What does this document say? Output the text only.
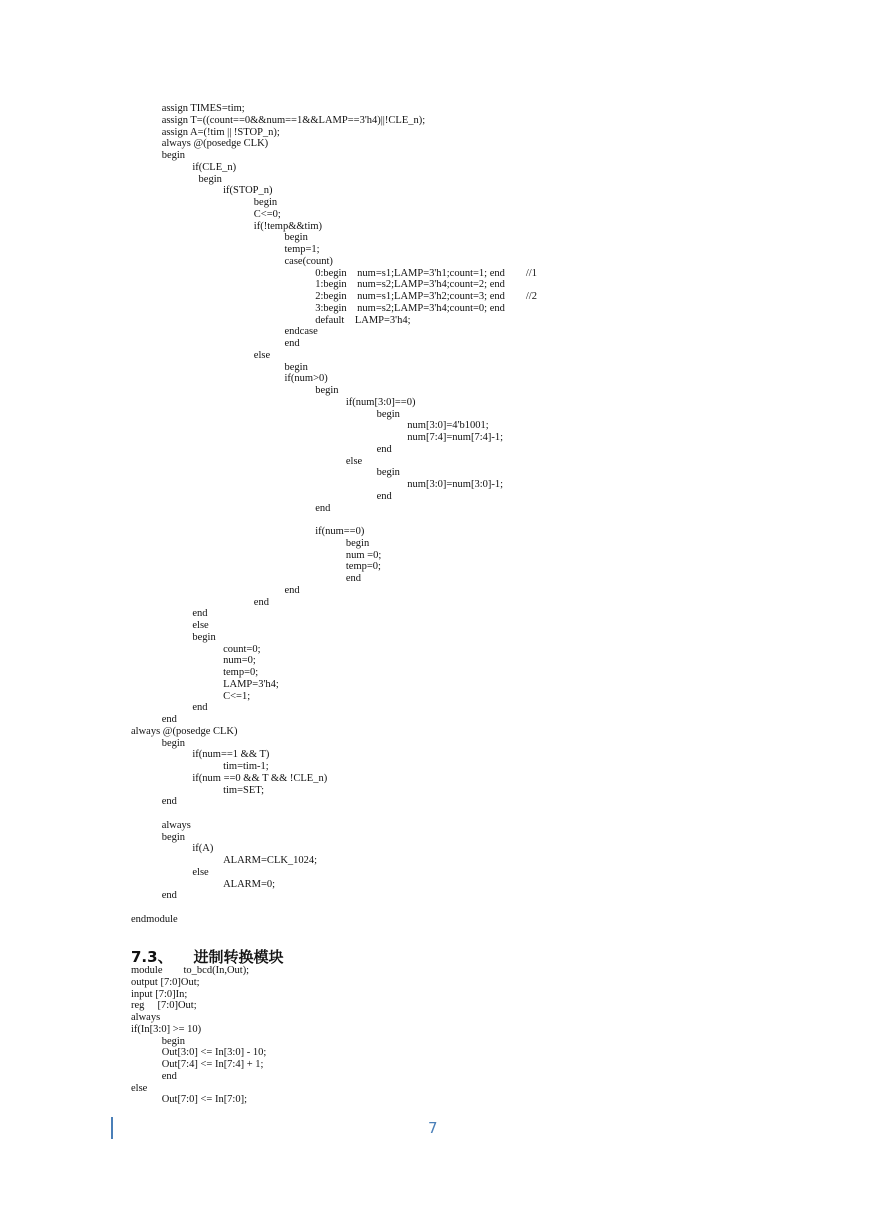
assign TIMES=tim;
assign T=((count==0&&num==1&&LAMP==3'h4)||!CLE_n);
assign A=(!tim || !STOP_n);
always @(posedge CLK)
begin
if(CLE_n)
begin
if(STOP_n)
begin
C<=0;
if(!temp&&tim)
begin
temp=1;
case(count)
0:begin    num=s1;LAMP=3'h1;count=1; end        //1
1:begin    num=s2;LAMP=3'h4;count=2; end
2:begin    num=s1;LAMP=3'h2;count=3; end        //2
3:begin    num=s2;LAMP=3'h4;count=0; end
default    LAMP=3'h4;
endcase
end
else
begin
if(num>0)
begin
if(num[3:0]==0)
begin
num[3:0]=4'b1001;
num[7:4]=num[7:4]-1;
end
else
begin
num[3:0]=num[3:0]-1;
end
end
if(num==0)
begin
num =0;
temp=0;
end
end
end
end
else
begin
count=0;
num=0;
temp=0;
LAMP=3'h4;
C<=1;
end
end
always @(posedge CLK)
begin
if(num==1 && T)
tim=tim-1;
if(num ==0 && T && !CLE_n)
tim=SET;
end
always
begin
if(A)
ALARM=CLK_1024;
else
ALARM=0;
end
endmodule
7.3、    进制转换模块
module        to_bcd(In,Out);
output [7:0]Out;
input [7:0]In;
reg     [7:0]Out;
always
if(In[3:0] >= 10)
begin
Out[3:0] <= In[3:0] - 10;
Out[7:4] <= In[7:4] + 1;
end
else
Out[7:0] <= In[7:0];
7
